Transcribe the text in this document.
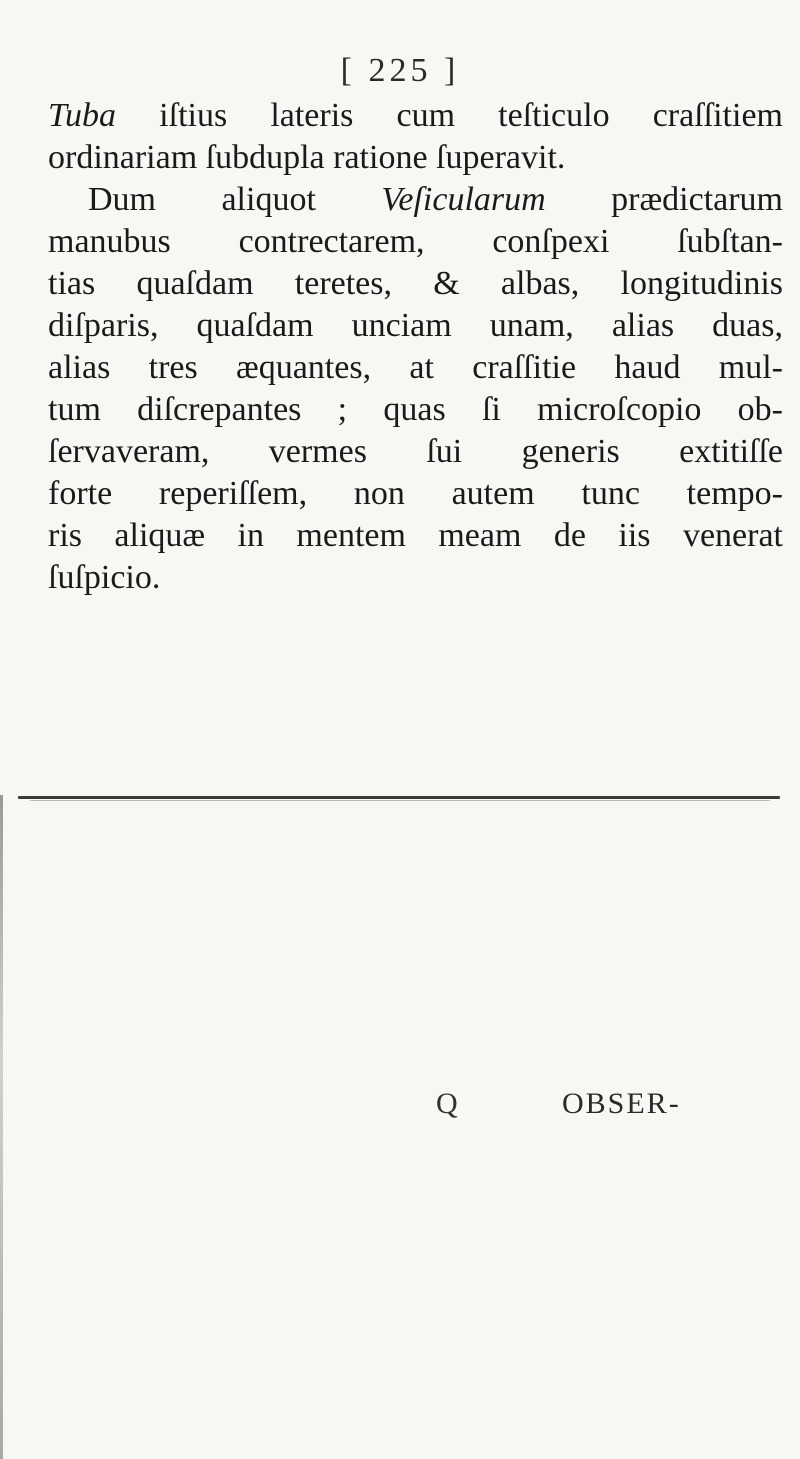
[ 225 ]
Tuba iſtius lateris cum teſticulo craſſitiem
ordinariam ſubdupla ratione ſuperavit.
Dum aliquot Veſicularum prædictarum
manubus contrectarem, conſpexi ſubſtan-
tias quaſdam teretes, & albas, longitudinis
diſparis, quaſdam unciam unam, alias duas,
alias tres æquantes, at craſſitie haud mul-
tum diſcrepantes ; quas ſi microſcopio ob-
ſervaveram, vermes ſui generis extitiſſe
forte reperiſſem, non autem tunc tempo-
ris aliquæ in mentem meam de iis venerat
ſuſpicio.
Q	OBSER-
